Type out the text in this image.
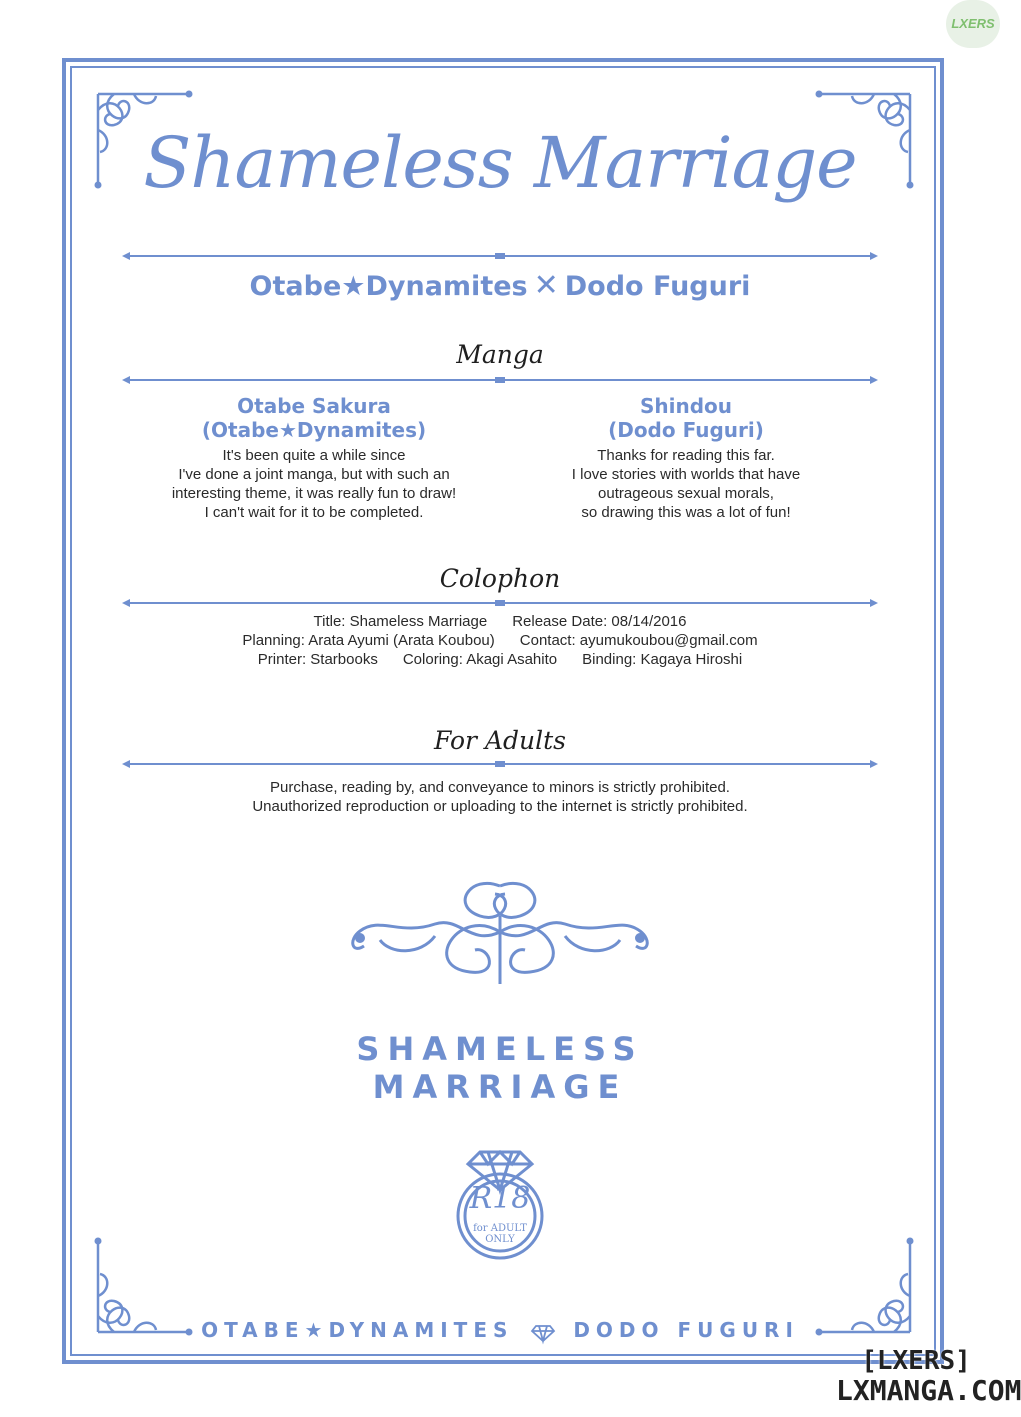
LXERS
Shameless Marriage
Otabe★Dynamites ✕ Dodo Fuguri
Manga
Otabe Sakura
(Otabe★Dynamites)
It's been quite a while since
I've done a joint manga, but with such an
interesting theme, it was really fun to draw!
I can't wait for it to be completed.
Shindou
(Dodo Fuguri)
Thanks for reading this far.
I love stories with worlds that have
outrageous sexual morals,
so drawing this was a lot of fun!
Colophon
Title: Shameless Marriage Release Date: 08/14/2016
Planning: Arata Ayumi (Arata Koubou) Contact: ayumukoubou@gmail.com
Printer: Starbooks Coloring: Akagi Asahito Binding: Kagaya Hiroshi
For Adults
Purchase, reading by, and conveyance to minors is strictly prohibited.
Unauthorized reproduction or uploading to the internet is strictly prohibited.
SHAMELESS
MARRIAGE
R18
for ADULT
ONLY
OTABE★DYNAMITES	DODO FUGURI
[LXERS]
LXMANGA.COM
